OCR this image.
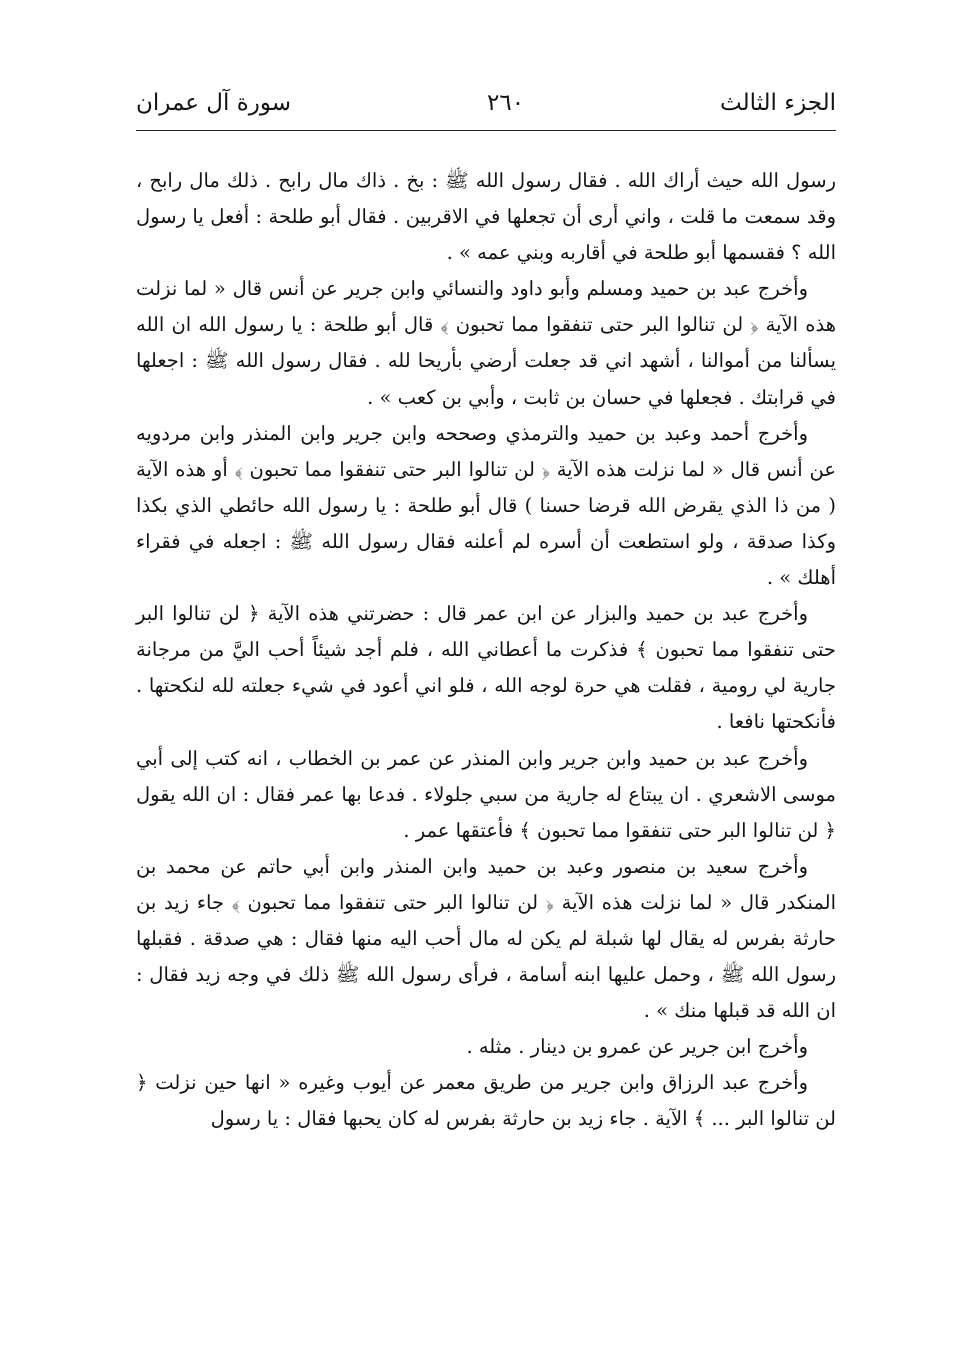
الجزء الثالث
٢٦٠
سورة آل عمران

رسول الله حيث أراك الله . فقال رسول الله ﷺ : بخ . ذاك مال رابح . ذلك مال رابح ، وقد سمعت ما قلت ، واني أرى أن تجعلها في الاقربين . فقال أبو طلحة : أفعل يا رسول الله ؟ فقسمها أبو طلحة في أقاربه وبني عمه » .

وأخرج عبد بن حميد ومسلم وأبو داود والنسائي وابن جرير عن أنس قال « لما نزلت هذه الآية ﴿ لن تنالوا البر حتى تنفقوا مما تحبون ﴾ قال أبو طلحة : يا رسول الله ان الله يسألنا من أموالنا ، أشهد اني قد جعلت أرضي بأريحا لله . فقال رسول الله ﷺ : اجعلها في قرابتك . فجعلها في حسان بن ثابت ، وأبي بن كعب » .

وأخرج أحمد وعبد بن حميد والترمذي وصححه وابن جرير وابن المنذر وابن مردويه عن أنس قال « لما نزلت هذه الآية ﴿ لن تنالوا البر حتى تنفقوا مما تحبون ﴾ أو هذه الآية ( من ذا الذي يقرض الله قرضا حسنا ) قال أبو طلحة : يا رسول الله حائطي الذي بكذا وكذا صدقة ، ولو استطعت أن أسره لم أعلنه فقال رسول الله ﷺ : اجعله في فقراء أهلك » .

وأخرج عبد بن حميد والبزار عن ابن عمر قال : حضرتني هذه الآية ﴿ لن تنالوا البر حتى تنفقوا مما تحبون ﴾ فذكرت ما أعطاني الله ، فلم أجد شيئاً أحب اليَّ من مرجانة جارية لي رومية ، فقلت هي حرة لوجه الله ، فلو اني أعود في شيء جعلته لله لنكحتها . فأنكحتها نافعا .

وأخرج عبد بن حميد وابن جرير وابن المنذر عن عمر بن الخطاب ، انه كتب إلى أبي موسى الاشعري . ان يبتاع له جارية من سبي جلولاء . فدعا بها عمر فقال : ان الله يقول ﴿ لن تنالوا البر حتى تنفقوا مما تحبون ﴾ فأعتقها عمر .

وأخرج سعيد بن منصور وعبد بن حميد وابن المنذر وابن أبي حاتم عن محمد بن المنكدر قال « لما نزلت هذه الآية ﴿ لن تنالوا البر حتى تنفقوا مما تحبون ﴾ جاء زيد بن حارثة بفرس له يقال لها شبلة لم يكن له مال أحب اليه منها فقال : هي صدقة . فقبلها رسول الله ﷺ ، وحمل عليها ابنه أسامة ، فرأى رسول الله ﷺ ذلك في وجه زيد فقال : ان الله قد قبلها منك » .

وأخرج ابن جرير عن عمرو بن دينار . مثله .

وأخرج عبد الرزاق وابن جرير من طريق معمر عن أيوب وغيره « انها حين نزلت ﴿ لن تنالوا البر ... ﴾ الآية . جاء زيد بن حارثة بفرس له كان يحبها فقال : يا رسول
